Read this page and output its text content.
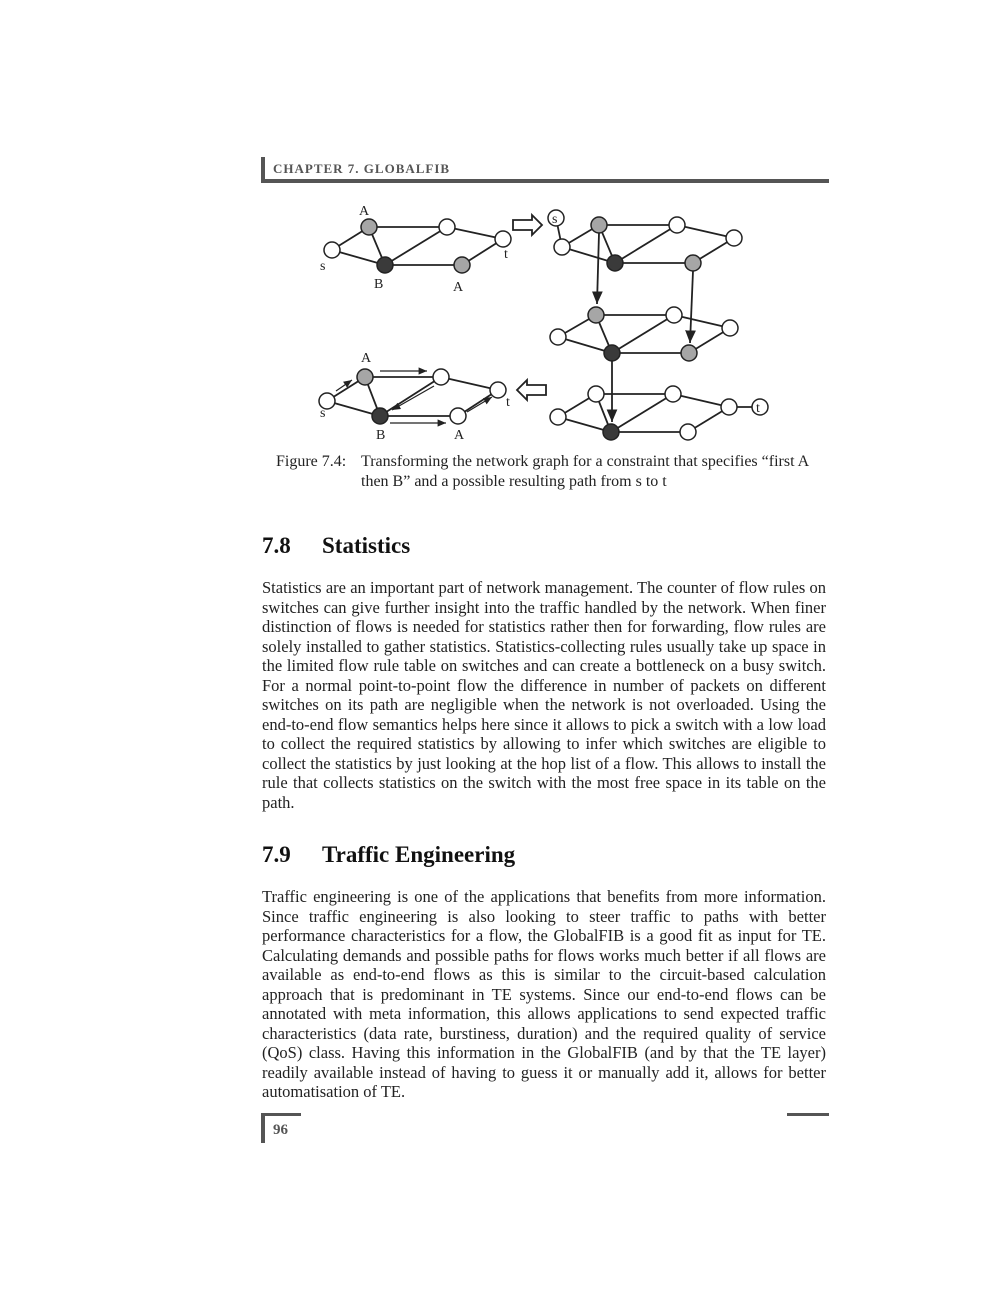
CHAPTER 7. GLOBALFIB
A
s
B	A
t
s
t
A
s
B	A
t
Figure 7.4: Transforming the network graph for a constraint that specifies “first A then B” and a possible resulting path from s to t
7.8 Statistics
Statistics are an important part of network management. The counter of flow rules on switches can give further insight into the traffic handled by the network. When finer distinction of flows is needed for statistics rather then for forwarding, flow rules are solely installed to gather statistics. Statistics-collecting rules usually take up space in the limited flow rule table on switches and can create a bottleneck on a busy switch. For a normal point-to-point flow the difference in number of packets on different switches on its path are negligible when the network is not overloaded. Using the end-to-end flow semantics helps here since it allows to pick a switch with a low load to collect the required statistics by allowing to infer which switches are eligible to collect the statistics by just looking at the hop list of a flow. This allows to install the rule that collects statistics on the switch with the most free space in its table on the path.
7.9 Traffic Engineering
Traffic engineering is one of the applications that benefits from more information. Since traffic engineering is also looking to steer traffic to paths with better performance characteristics for a flow, the GlobalFIB is a good fit as input for TE. Calculating demands and possible paths for flows works much better if all flows are available as end-to-end flows as this is similar to the circuit-based calculation approach that is predominant in TE systems. Since our end-to-end flows can be annotated with meta information, this allows applications to send expected traffic characteristics (data rate, burstiness, duration) and the required quality of service (QoS) class. Having this information in the GlobalFIB (and by that the TE layer) readily available instead of having to guess it or manually add it, allows for better automatisation of TE.
96
